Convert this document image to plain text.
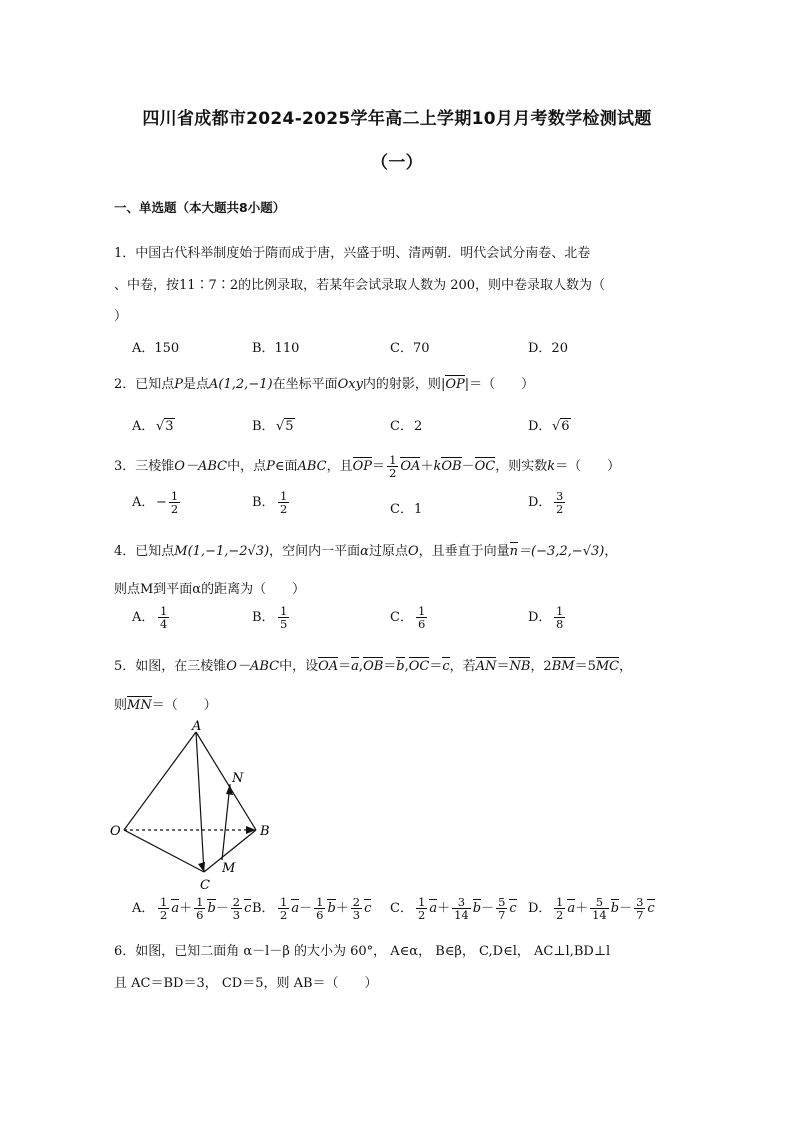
四川省成都市2024-2025学年高二上学期10月月考数学检测试题
（一）
一、单选题（本大题共8小题）
1．中国古代科举制度始于隋而成于唐，兴盛于明、清两朝．明代会试分南卷、北卷
、中卷，按11∶7∶2的比例录取，若某年会试录取人数为 200，则中卷录取人数为（
）
A．150	B．110	C．70	D．20
2．已知点P是点A(1,2,−1)在坐标平面Oxy内的射影，则|OP|＝（　　）
A． √3	B．√5	C．2	D．√6
3．三棱锥O－ABC中，点P∈面ABC，且$OP= \frac{1}{2} OA+kOB-OC$，则实数k＝（　　）
A． − $\frac{1}{2}$	B． $\frac{1}{2}$	C．1	D． $\frac{3}{2}$
4．已知点M(1,−1,−2√3)，空间内一平面α过原点O，且垂直于向量n＝(−3,2,−√3)，
则点M到平面α的距离为（　　）
A． $\frac{1}{4}$	B． $\frac{1}{5}$	C． $\frac{1}{6}$	D． $\frac{1}{8}$
5．如图，在三棱锥O－ABC中，设OA＝a,OB＝b,OC＝c，若AN＝NB，2BM＝5MC，
则MN＝（　　）
A
N
O	B
M
C
A． $\frac{1}{2} a+ \frac{1}{6} b- \frac{2}{3}$ c B． $\frac{1}{2} a- \frac{1}{6} b+ \frac{2}{3}$ c C． $\frac{1}{2} a+ \frac{3}{14} b- \frac{5}{7}$ c D． $\frac{1}{2} a+ \frac{5}{14} b- \frac{3}{7}$ c
6．如图，已知二面角 α－l－β 的大小为 60°， A∈α， B∈β， C,D∈l， AC⊥l,BD⊥l
且 AC＝BD＝3， CD＝5，则 AB＝（　　）
